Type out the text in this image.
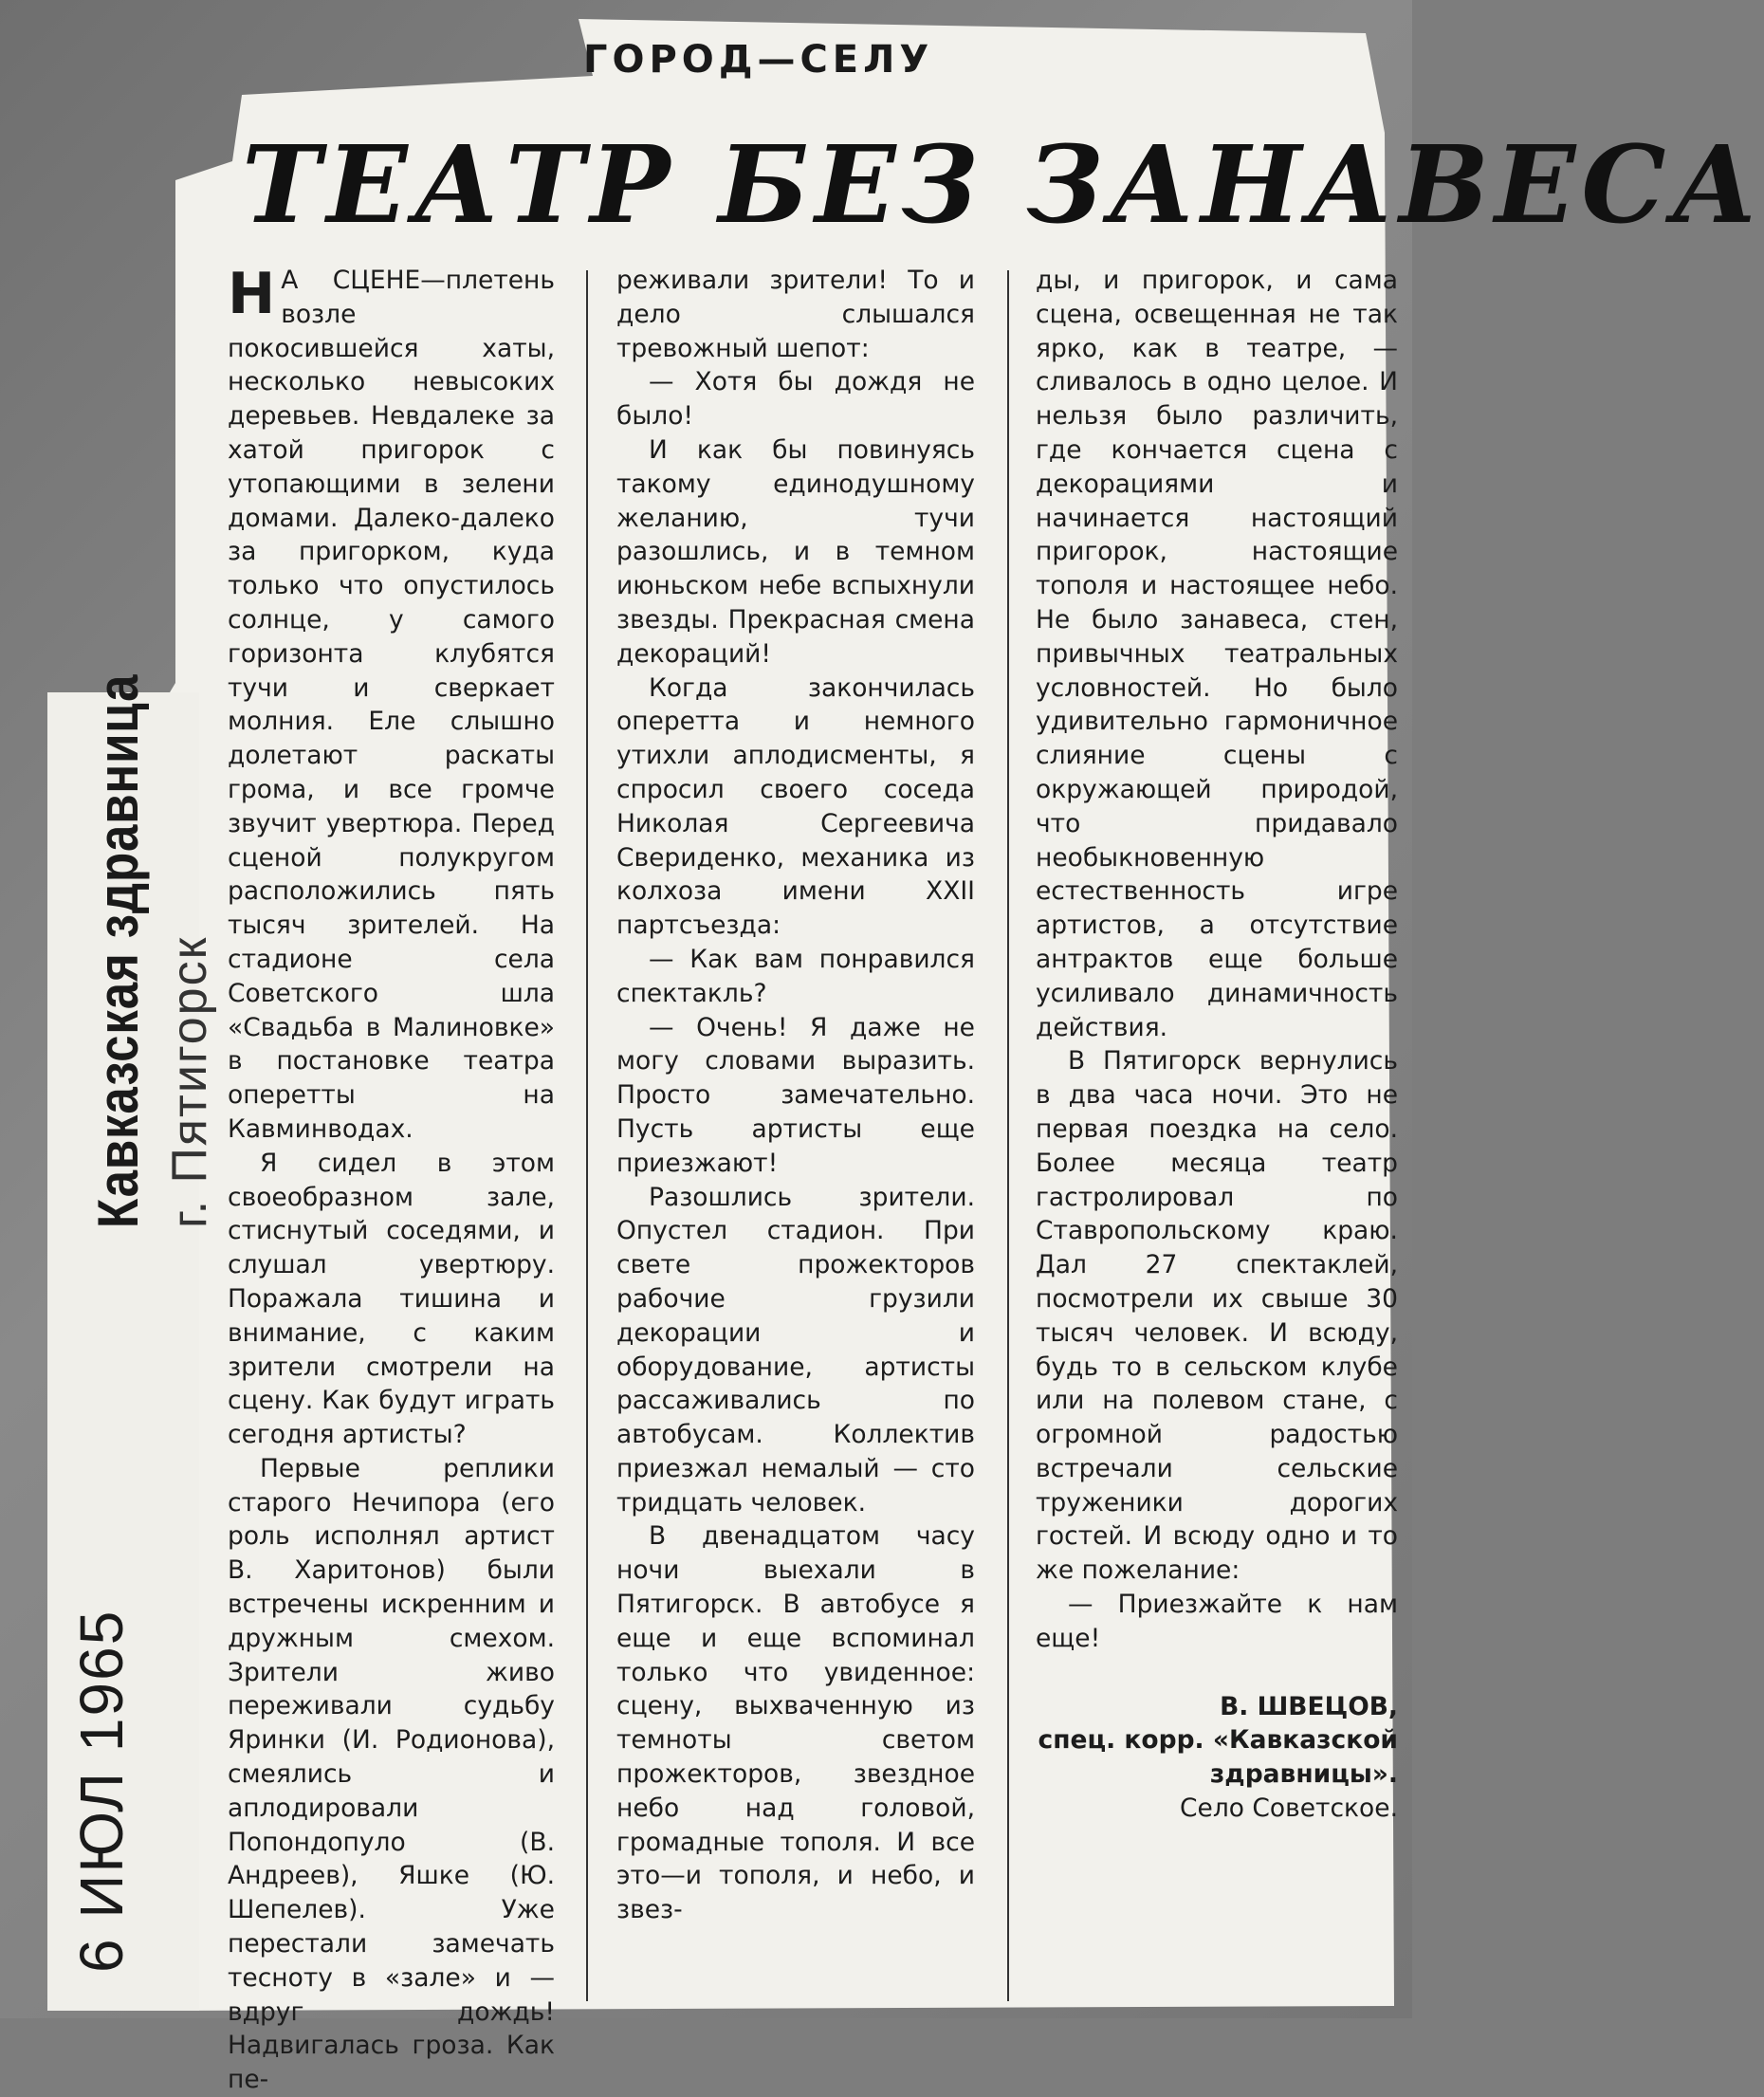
Кавказская здравница г. Пятигорск
6 ИЮЛ 1965
ГОРОД—СЕЛУ
ТЕАТР БЕЗ ЗАНАВЕСА

Н А СЦЕНЕ—плетень возле покосившейся хаты, несколько невысоких деревьев. Невдалеке за хатой пригорок с утопающими в зелени домами. Далеко-далеко за пригорком, куда только что опустилось солнце, у самого горизонта клубятся тучи и сверкает молния. Еле слышно долетают раскаты грома, и все громче звучит увертюра. Перед сценой полукругом расположились пять тысяч зрителей. На стадионе села Советского шла «Свадьба в Малиновке» в постановке театра оперетты на Кавминводах.

Я сидел в этом своеобразном зале, стиснутый соседями, и слушал увертюру. Поражала тишина и внимание, с каким зрители смотрели на сцену. Как будут играть сегодня артисты?

Первые реплики старого Нечипора (его роль исполнял артист В. Харитонов) были встречены искренним и дружным смехом. Зрители живо переживали судьбу Яринки (И. Родионова), смеялись и аплодировали Попондопуло (В. Андреев), Яшке (Ю. Шепелев). Уже перестали замечать тесноту в «зале» и — вдруг дождь! Надвигалась гроза. Как пе-

реживали зрители! То и дело слышался тревожный шепот:

— Хотя бы дождя не было!

И как бы повинуясь такому единодушному желанию, тучи разошлись, и в темном июньском небе вспыхнули звезды. Прекрасная смена декораций!

Когда закончилась оперетта и немного утихли аплодисменты, я спросил своего соседа Николая Сергеевича Свериденко, механика из колхоза имени XXII партсъезда:

— Как вам понравился спектакль?

— Очень! Я даже не могу словами выразить. Просто замечательно. Пусть артисты еще приезжают!

Разошлись зрители. Опустел стадион. При свете прожекторов рабочие грузили декорации и оборудование, артисты рассаживались по автобусам. Коллектив приезжал немалый — сто тридцать человек.

В двенадцатом часу ночи выехали в Пятигорск. В автобусе я еще и еще вспоминал только что увиденное: сцену, выхваченную из темноты светом прожекторов, звездное небо над головой, громадные тополя. И все это—и тополя, и небо, и звез-

ды, и пригорок, и сама сцена, освещенная не так ярко, как в театре, — сливалось в одно целое. И нельзя было различить, где кончается сцена с декорациями и начинается настоящий пригорок, настоящие тополя и настоящее небо. Не было занавеса, стен, привычных театральных условностей. Но было удивительно гармоничное слияние сцены с окружающей природой, что придавало необыкновенную естественность игре артистов, а отсутствие антрактов еще больше усиливало динамичность действия.

В Пятигорск вернулись в два часа ночи. Это не первая поездка на село. Более месяца театр гастролировал по Ставропольскому краю. Дал 27 спектаклей, посмотрели их свыше 30 тысяч человек. И всюду, будь то в сельском клубе или на полевом стане, с огромной радостью встречали сельские труженики дорогих гостей. И всюду одно и то же пожелание:

— Приезжайте к нам еще!

В. ШВЕЦОВ,

спец. корр. «Кавказской здравницы».

Село Советское.
